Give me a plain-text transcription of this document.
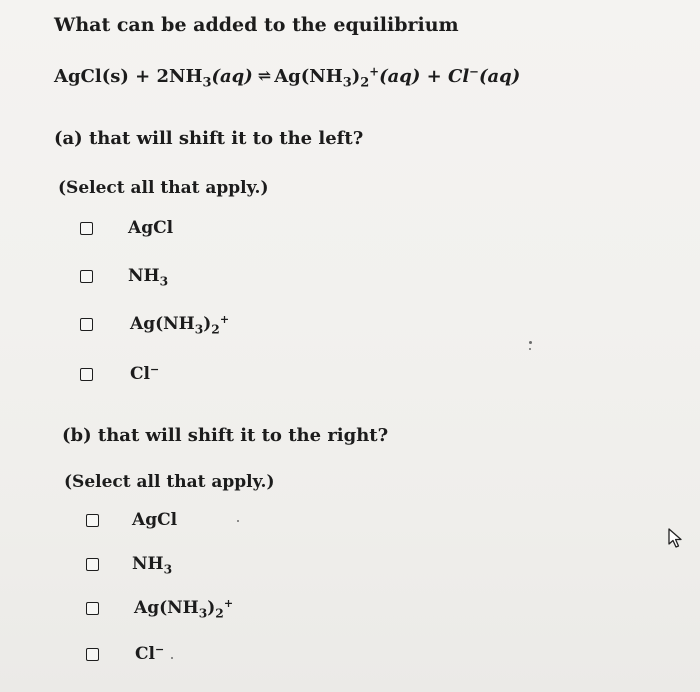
What can be added to the equilibrium
AgCl(s) + $2NH_3(aq)$ ⇌ $Ag(NH_3)_2^+(aq) + Cl^-(aq)$
(a) that will shift it to the left?
(Select all that apply.)
AgCl
$NH_3$
$Ag(NH_3)_2^+$
Cl−
(b) that will shift it to the right?
(Select all that apply.)
AgCl
$NH_3$
$Ag(NH_3)_2^+$
Cl−
